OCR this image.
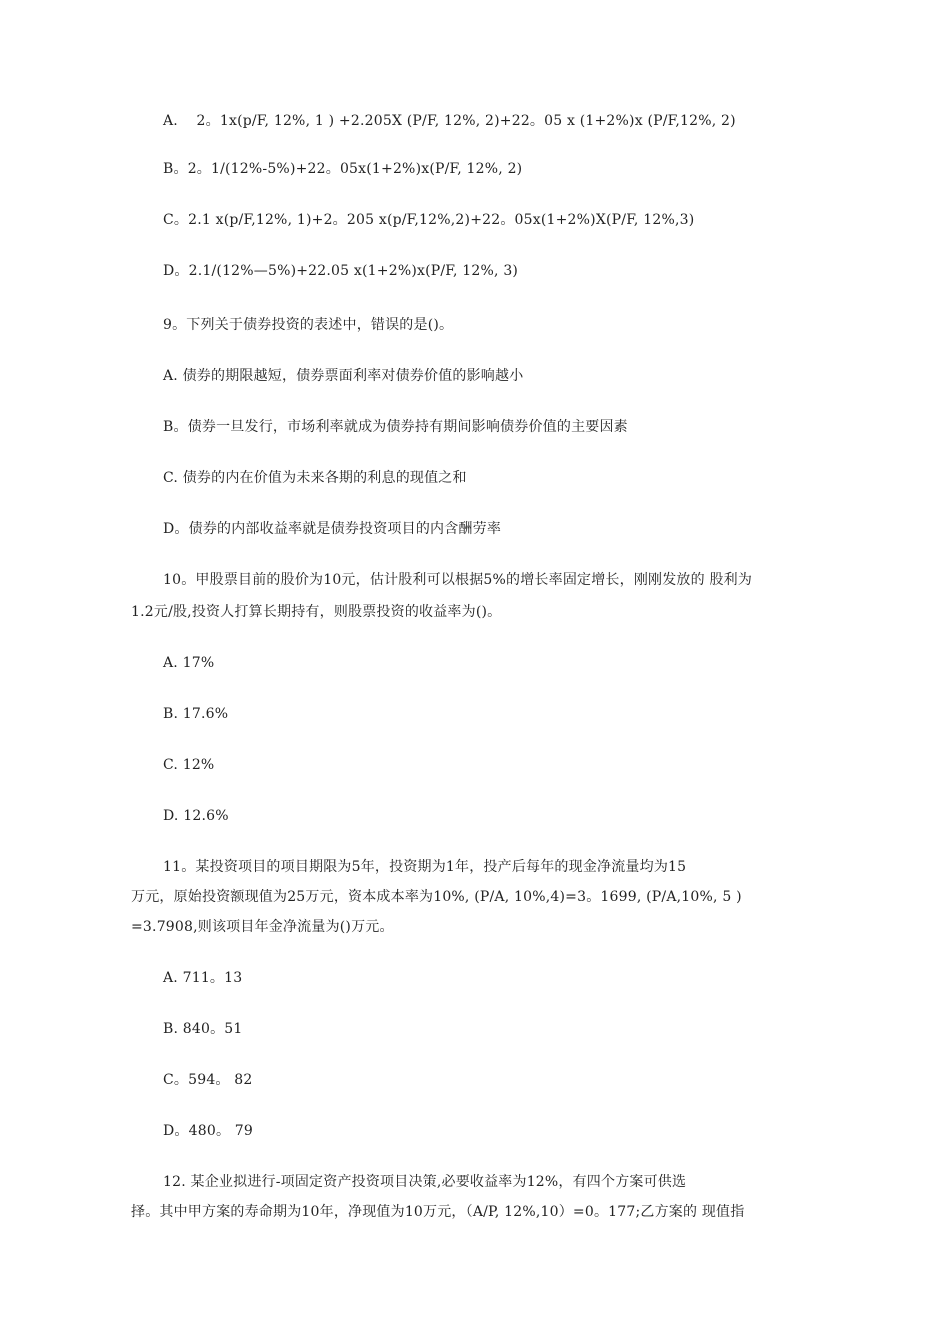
A.    2。1x(p/F, 12%, 1 ) +2.205X (P/F, 12%, 2)+22。05 x (1+2%)x (P/F,12%, 2)
B。2。1/(12%-5%)+22。05x(1+2%)x(P/F, 12%, 2)
C。2.1 x(p/F,12%, 1)+2。205 x(p/F,12%,2)+22。05x(1+2%)X(P/F, 12%,3)
D。2.1/(12%—5%)+22.05 x(1+2%)x(P/F, 12%, 3)
9。下列关于债券投资的表述中，错误的是()。
A. 债券的期限越短，债券票面利率对债券价值的影响越小
B。债券一旦发行，市场利率就成为债券持有期间影响债券价值的主要因素
C. 债券的内在价值为未来各期的利息的现值之和
D。债券的内部收益率就是债券投资项目的内含酬劳率
10。甲股票目前的股价为10元，估计股利可以根据5%的增长率固定增长，刚刚发放的 股利为
1.2元/股,投资人打算长期持有，则股票投资的收益率为()。
A. 17%
B. 17.6%
C. 12%
D. 12.6%
11。某投资项目的项目期限为5年，投资期为1年，投产后每年的现金净流量均为15
万元，原始投资额现值为25万元，资本成本率为10%, (P/A, 10%,4)=3。1699, (P/A,10%, 5 )
=3.7908,则该项目年金净流量为()万元。
A. 711。13
B. 840。51
C。594。 82
D。480。 79
12. 某企业拟进行-项固定资产投资项目决策,必要收益率为12%，有四个方案可供选
择。其中甲方案的寿命期为10年，净现值为10万元，（A/P, 12%,10）=0。177;乙方案的 现值指
